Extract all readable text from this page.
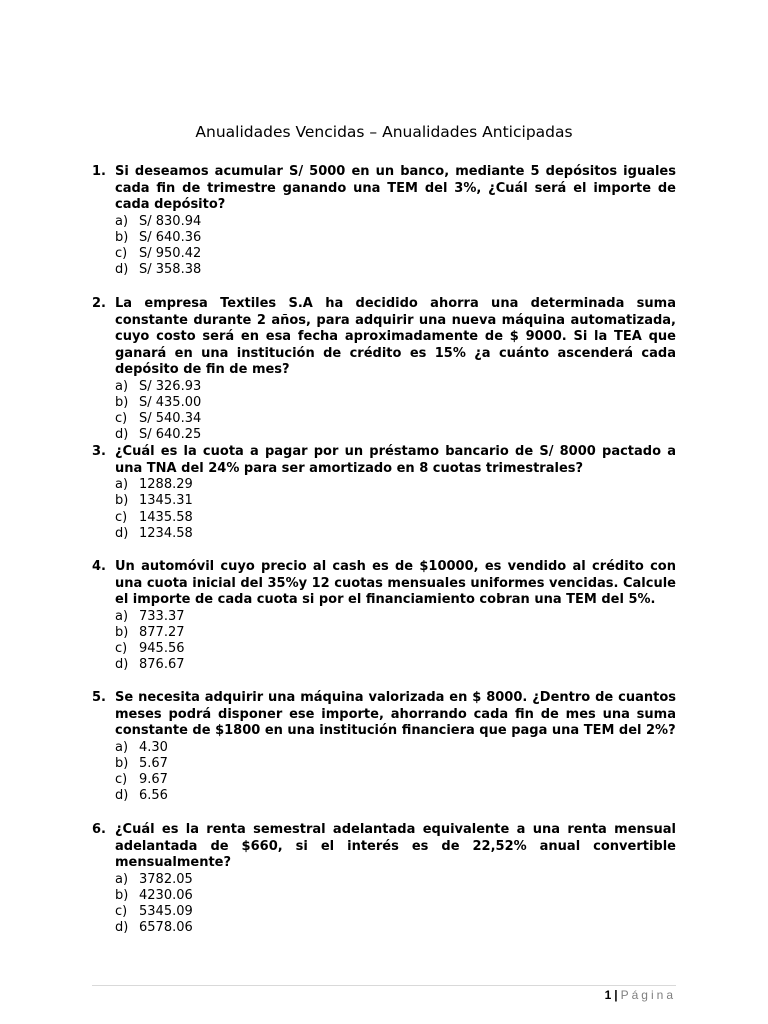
Anualidades Vencidas – Anualidades Anticipadas
1. Si deseamos acumular S/ 5000 en un banco, mediante 5 depósitos iguales cada fin de trimestre ganando una TEM del 3%, ¿Cuál será el importe de cada depósito?
a) S/ 830.94
b) S/ 640.36
c) S/ 950.42
d) S/ 358.38
2. La empresa Textiles S.A ha decidido ahorra una determinada suma constante durante 2 años, para adquirir una nueva máquina automatizada, cuyo costo será en esa fecha aproximadamente de $ 9000. Si la TEA que ganará en una institución de crédito es 15% ¿a cuánto ascenderá cada depósito de fin de mes?
a) S/ 326.93
b) S/ 435.00
c) S/ 540.34
d) S/ 640.25
3. ¿Cuál es la cuota a pagar por un préstamo bancario de S/ 8000 pactado a una TNA del 24% para ser amortizado en 8 cuotas trimestrales?
a) 1288.29
b) 1345.31
c) 1435.58
d) 1234.58
4. Un automóvil cuyo precio al cash es de $10000, es vendido al crédito con una cuota inicial del 35%y 12 cuotas mensuales uniformes vencidas. Calcule el importe de cada cuota si por el financiamiento cobran una TEM del 5%.
a) 733.37
b) 877.27
c) 945.56
d) 876.67
5. Se necesita adquirir una máquina valorizada en $ 8000. ¿Dentro de cuantos meses podrá disponer ese importe, ahorrando cada fin de mes una suma constante de $1800 en una institución financiera que paga una TEM del 2%?
a) 4.30
b) 5.67
c) 9.67
d) 6.56
6. ¿Cuál es la renta semestral adelantada equivalente a una renta mensual adelantada de $660, si el interés es de 22,52% anual convertible mensualmente?
a) 3782.05
b) 4230.06
c) 5345.09
d) 6578.06
1 | Página
